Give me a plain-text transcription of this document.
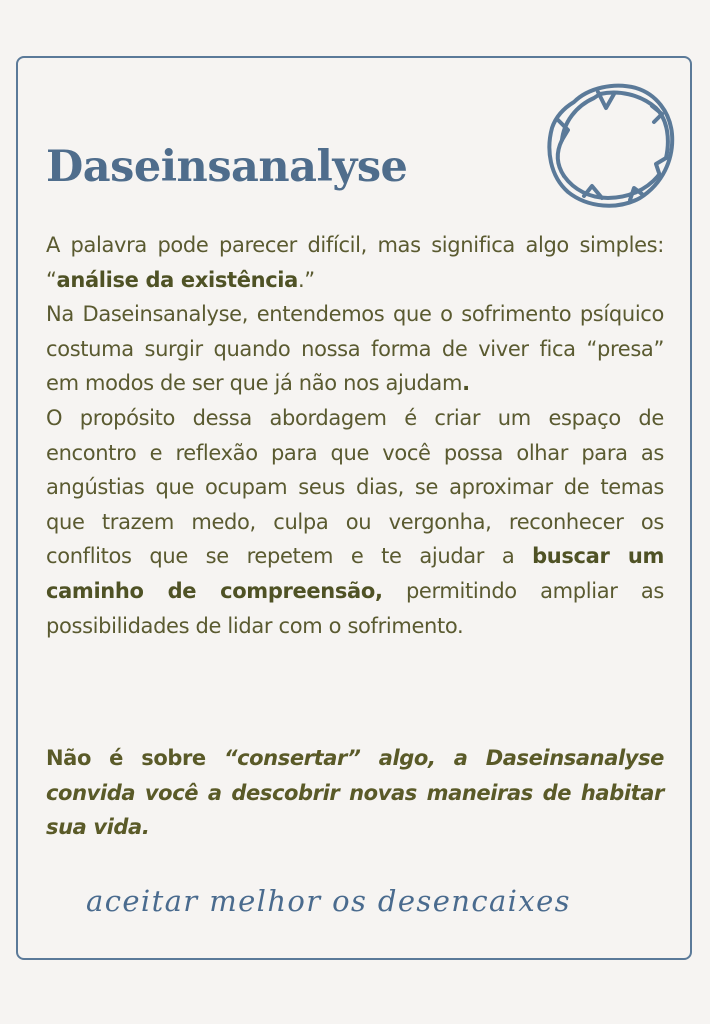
Daseinsanalyse

A palavra pode parecer difícil, mas significa algo simples: “análise da existência.”

Na Daseinsanalyse, entendemos que o sofrimento psíquico costuma surgir quando nossa forma de viver fica “presa” em modos de ser que já não nos ajudam.

O propósito dessa abordagem é criar um espaço de encontro e reflexão para que você possa olhar para as angústias que ocupam seus dias, se aproximar de temas que trazem medo, culpa ou vergonha, reconhecer os conflitos que se repetem e te ajudar a buscar um caminho de compreensão, permitindo ampliar as possibilidades de lidar com o sofrimento.

Não é sobre “consertar” algo, a Daseinsanalyse convida você a descobrir novas maneiras de habitar sua vida.

aceitar melhor os desencaixes
